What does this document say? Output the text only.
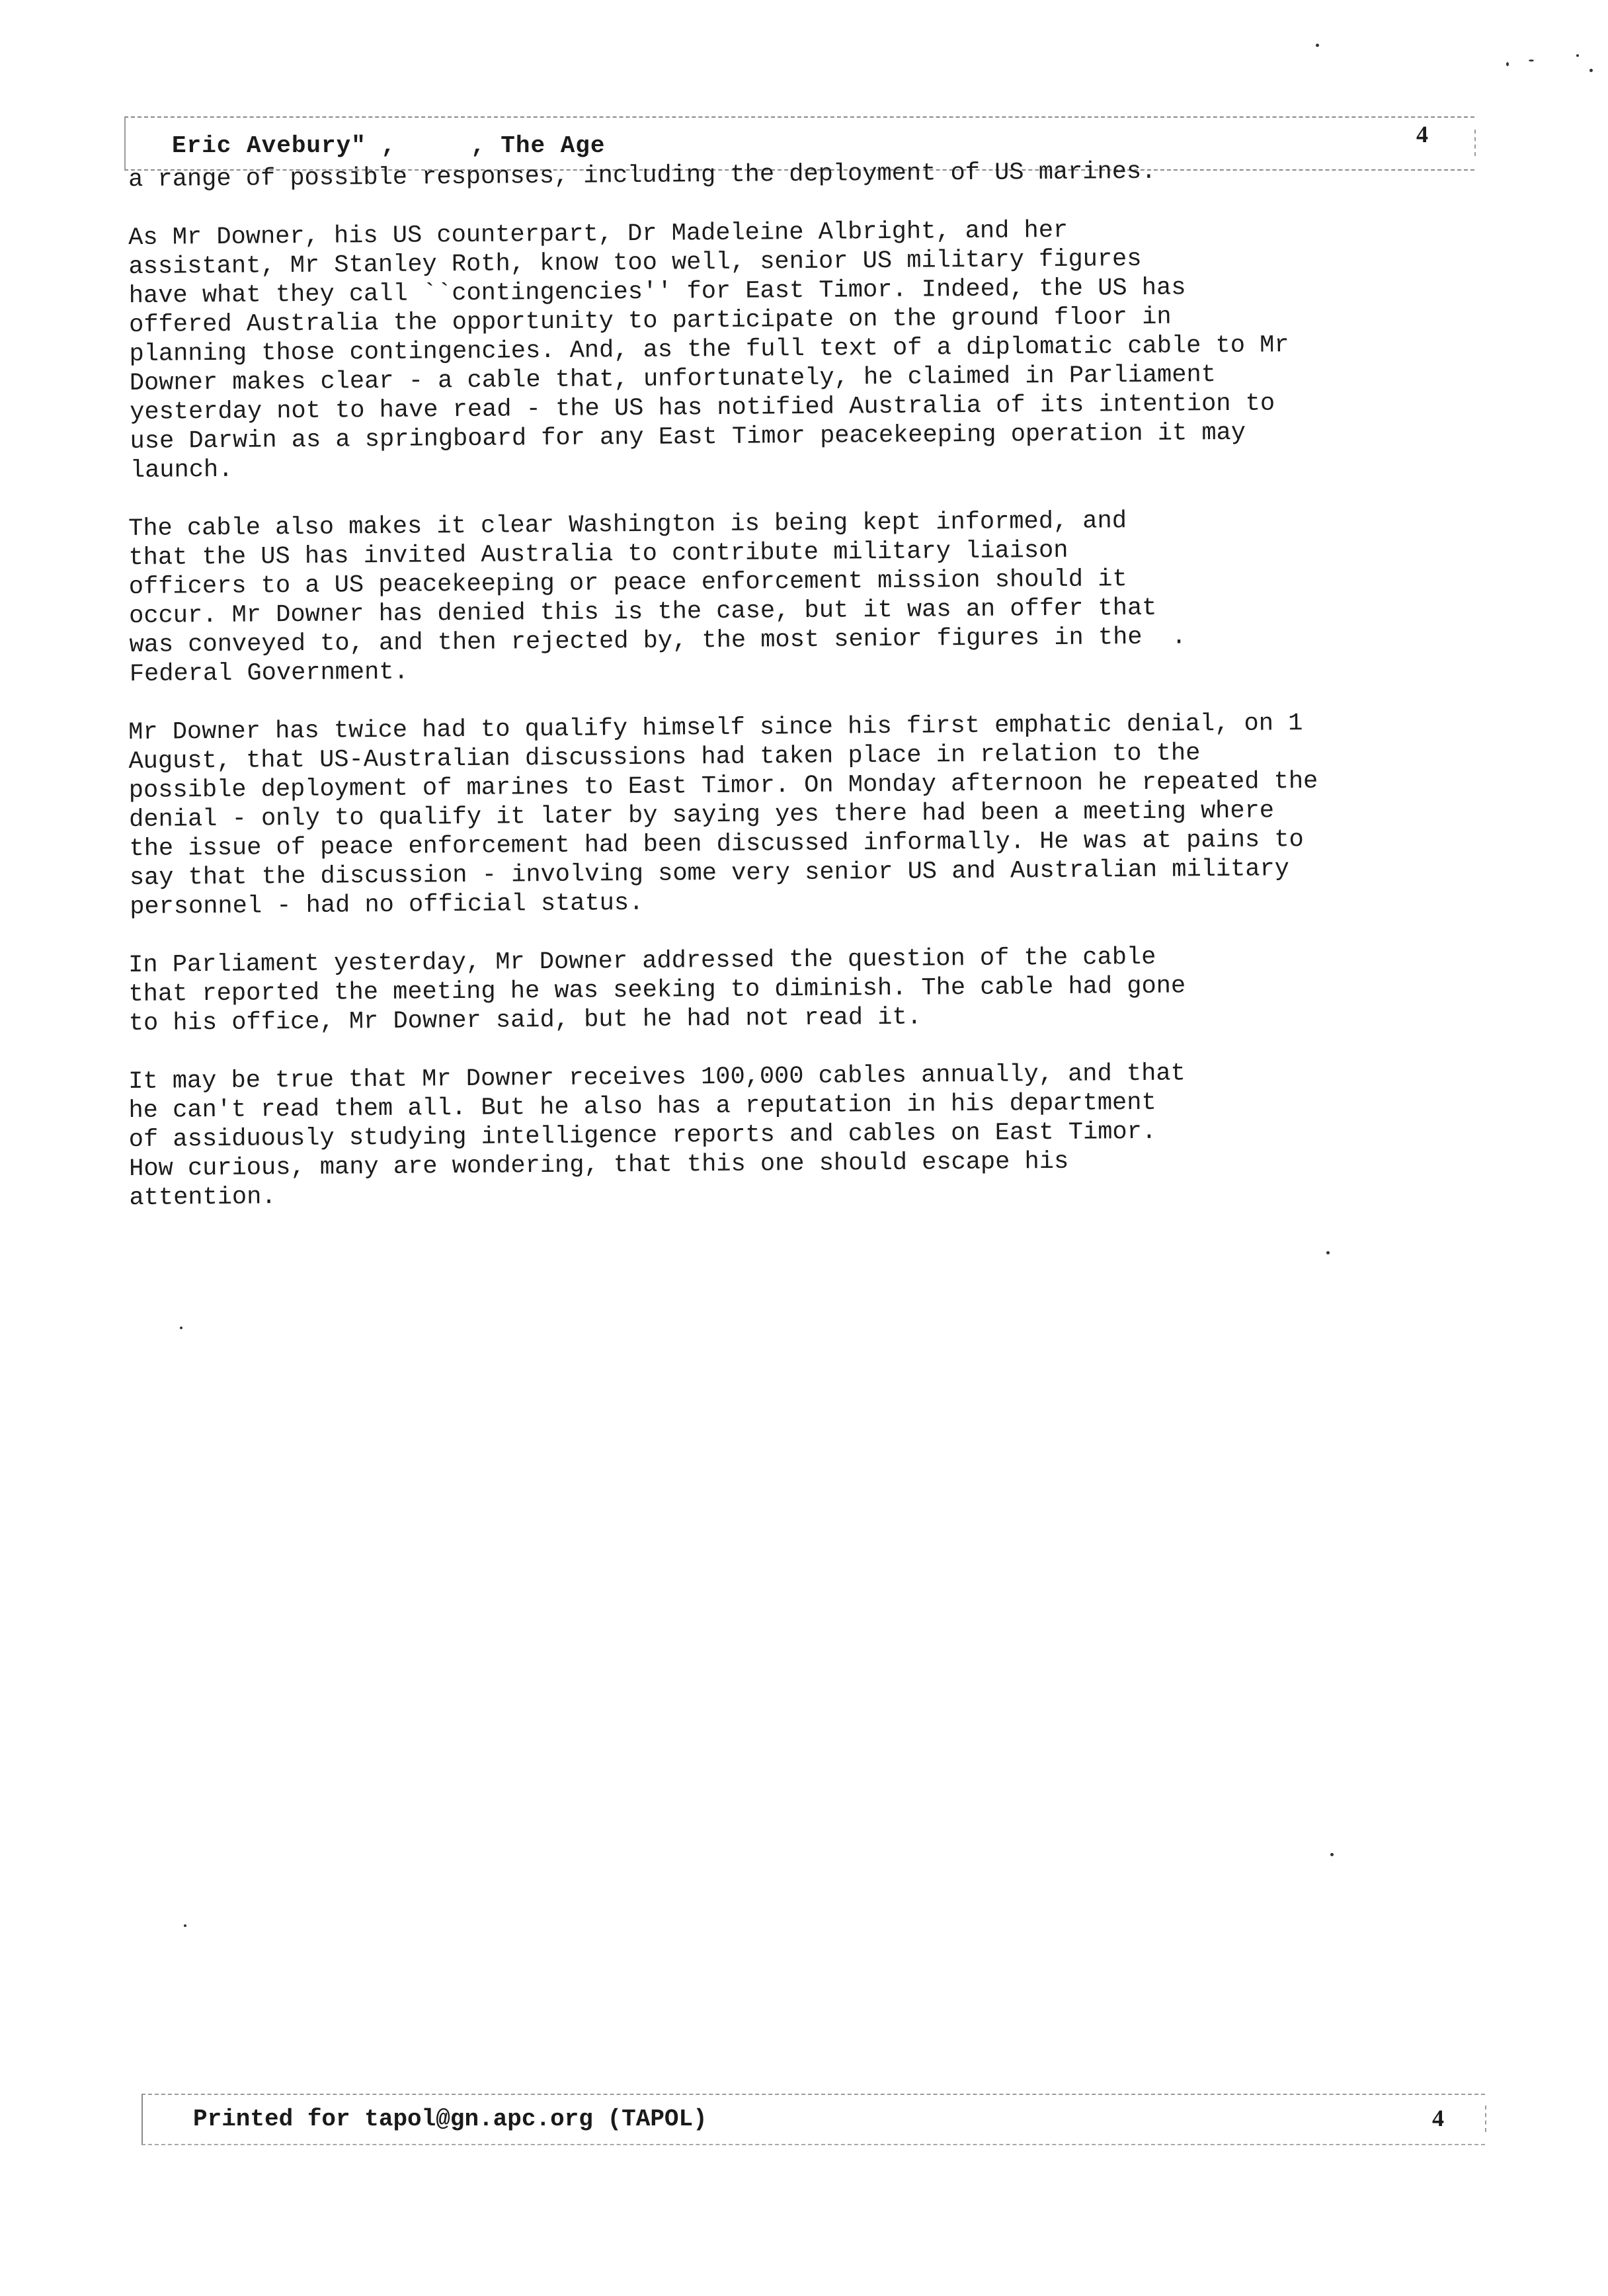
Eric Avebury" ,     , The Age	4
a range of possible responses, including the deployment of US marines.
As Mr Downer, his US counterpart, Dr Madeleine Albright, and her
assistant, Mr Stanley Roth, know too well, senior US military figures
have what they call ``contingencies'' for East Timor. Indeed, the US has
offered Australia the opportunity to participate on the ground floor in
planning those contingencies. And, as the full text of a diplomatic cable to Mr
Downer makes clear - a cable that, unfortunately, he claimed in Parliament
yesterday not to have read - the US has notified Australia of its intention to
use Darwin as a springboard for any East Timor peacekeeping operation it may
launch.
The cable also makes it clear Washington is being kept informed, and
that the US has invited Australia to contribute military liaison
officers to a US peacekeeping or peace enforcement mission should it
occur. Mr Downer has denied this is the case, but it was an offer that
was conveyed to, and then rejected by, the most senior figures in the  .
Federal Government.
Mr Downer has twice had to qualify himself since his first emphatic denial, on 1
August, that US-Australian discussions had taken place in relation to the
possible deployment of marines to East Timor. On Monday afternoon he repeated the
denial - only to qualify it later by saying yes there had been a meeting where
the issue of peace enforcement had been discussed informally. He was at pains to
say that the discussion - involving some very senior US and Australian military
personnel - had no official status.
In Parliament yesterday, Mr Downer addressed the question of the cable
that reported the meeting he was seeking to diminish. The cable had gone
to his office, Mr Downer said, but he had not read it.
It may be true that Mr Downer receives 100,000 cables annually, and that
he can't read them all. But he also has a reputation in his department
of assiduously studying intelligence reports and cables on East Timor.
How curious, many are wondering, that this one should escape his
attention.
Printed for tapol@gn.apc.org (TAPOL)	4
